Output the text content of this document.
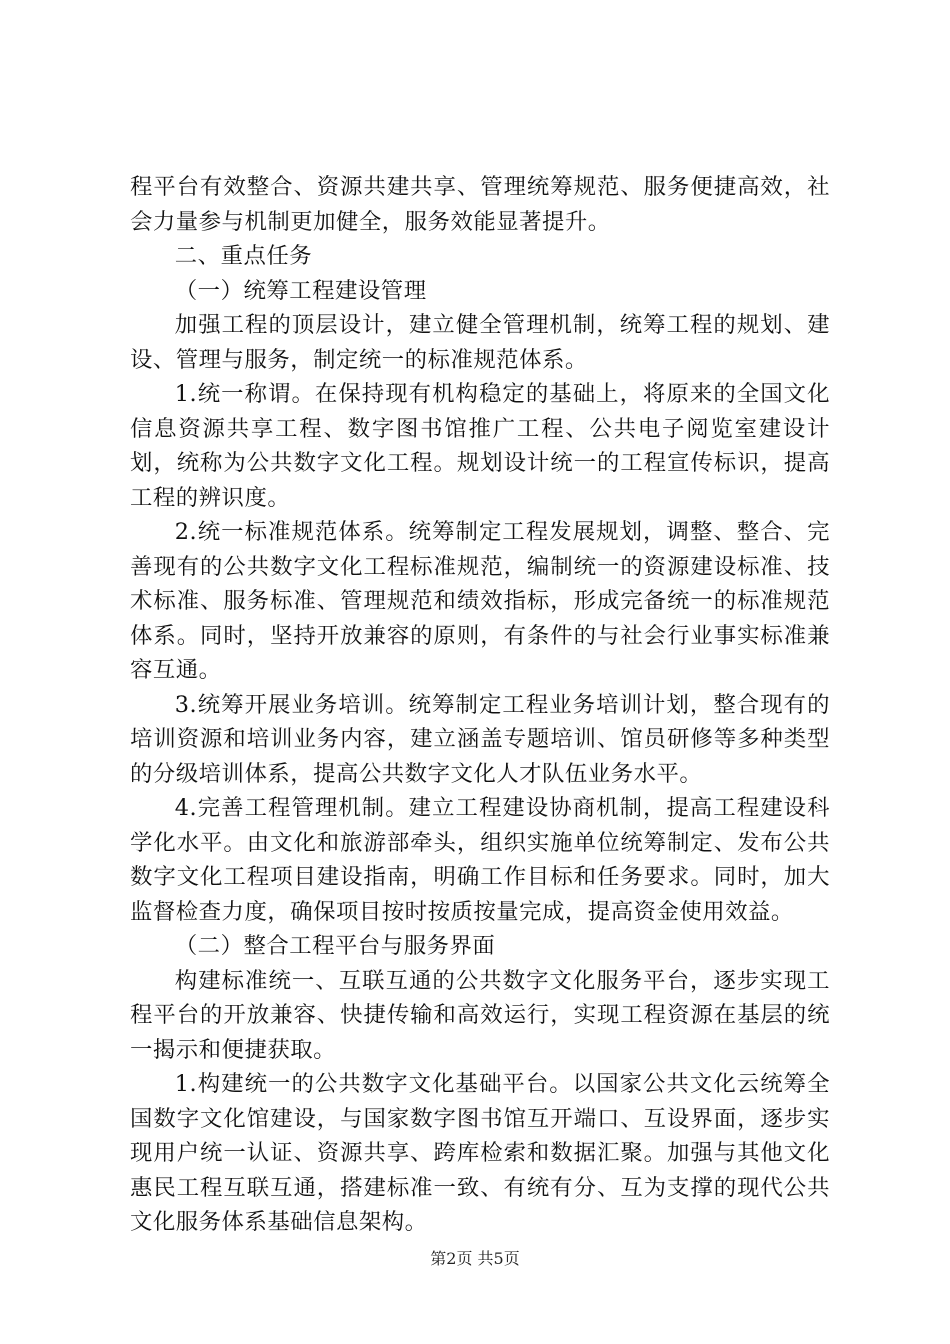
程平台有效整合、资源共建共享、管理统筹规范、服务便捷高效，社会力量参与机制更加健全，服务效能显著提升。

二、重点任务

（一）统筹工程建设管理

加强工程的顶层设计，建立健全管理机制，统筹工程的规划、建设、管理与服务，制定统一的标准规范体系。

1.统一称谓。在保持现有机构稳定的基础上，将原来的全国文化信息资源共享工程、数字图书馆推广工程、公共电子阅览室建设计划，统称为公共数字文化工程。规划设计统一的工程宣传标识，提高工程的辨识度。

2.统一标准规范体系。统筹制定工程发展规划，调整、整合、完善现有的公共数字文化工程标准规范，编制统一的资源建设标准、技术标准、服务标准、管理规范和绩效指标，形成完备统一的标准规范体系。同时，坚持开放兼容的原则，有条件的与社会行业事实标准兼容互通。

3.统筹开展业务培训。统筹制定工程业务培训计划，整合现有的培训资源和培训业务内容，建立涵盖专题培训、馆员研修等多种类型的分级培训体系，提高公共数字文化人才队伍业务水平。

4.完善工程管理机制。建立工程建设协商机制，提高工程建设科学化水平。由文化和旅游部牵头，组织实施单位统筹制定、发布公共数字文化工程项目建设指南，明确工作目标和任务要求。同时，加大监督检查力度，确保项目按时按质按量完成，提高资金使用效益。

（二）整合工程平台与服务界面

构建标准统一、互联互通的公共数字文化服务平台，逐步实现工程平台的开放兼容、快捷传输和高效运行，实现工程资源在基层的统一揭示和便捷获取。

1.构建统一的公共数字文化基础平台。以国家公共文化云统筹全国数字文化馆建设，与国家数字图书馆互开端口、互设界面，逐步实现用户统一认证、资源共享、跨库检索和数据汇聚。加强与其他文化惠民工程互联互通，搭建标准一致、有统有分、互为支撑的现代公共文化服务体系基础信息架构。

第2页 共5页
